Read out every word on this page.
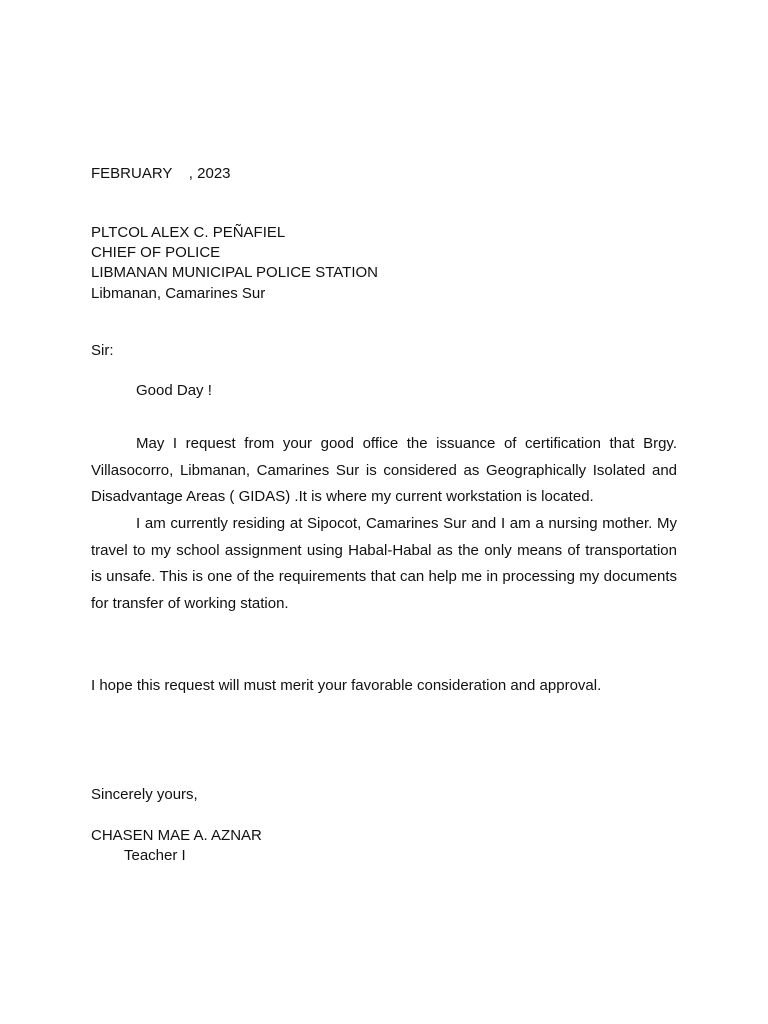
FEBRUARY    , 2023
PLTCOL ALEX C. PEÑAFIEL
CHIEF OF POLICE
LIBMANAN MUNICIPAL POLICE STATION
Libmanan, Camarines Sur
Sir:
Good Day !

May I request from your good office the issuance of certification that Brgy. Villasocorro, Libmanan, Camarines Sur is considered as Geographically Isolated and Disadvantage Areas ( GIDAS) .It is where my current workstation is located.

I am currently residing at Sipocot, Camarines Sur and I am a nursing mother. My travel to my school assignment using Habal-Habal as the only means of transportation is unsafe. This is one of the requirements that can help me in processing my documents for transfer of working station.

I hope this request will must merit your favorable consideration and approval.
Sincerely yours,
CHASEN MAE A. AZNAR
Teacher I
